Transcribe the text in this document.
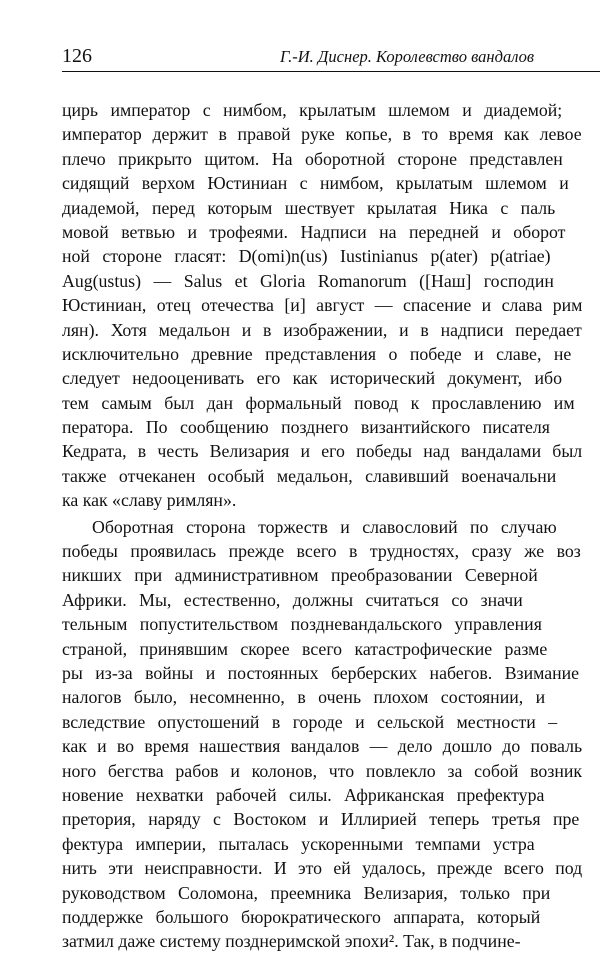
126	Г.-И. Диснер. Королевство вандалов
цирь император с нимбом, крылатым шлемом и диадемой;
император держит в правой руке копье, в то время как левое
плечо прикрыто щитом. На оборотной стороне представлен
сидящий верхом Юстиниан с нимбом, крылатым шлемом и
диадемой, перед которым шествует крылатая Ника с паль
мовой ветвью и трофеями. Надписи на передней и оборот
ной стороне гласят: D(omi)n(us) Iustinianus p(ater) p(atriae)
Aug(ustus) — Salus et Gloria Romanorum ([Наш] господин
Юстиниан, отец отечества [и] август — спасение и слава рим
лян). Хотя медальон и в изображении, и в надписи передает
исключительно древние представления о победе и славе, не
следует недооценивать его как исторический документ, ибо
тем самым был дан формальный повод к прославлению им
ператора. По сообщению позднего византийского писателя
Кедрата, в честь Велизария и его победы над вандалами был
также отчеканен особый медальон, славивший военачальни
ка как «славу римлян».
Оборотная сторона торжеств и славословий по случаю
победы проявилась прежде всего в трудностях, сразу же воз
никших при административном преобразовании Северной
Африки. Мы, естественно, должны считаться со значи
тельным попустительством поздневандальского управления
страной, принявшим скорее всего катастрофические разме
ры из-за войны и постоянных берберских набегов. Взимание
налогов было, несомненно, в очень плохом состоянии, и
вследствие опустошений в городе и сельской местности –
как и во время нашествия вандалов — дело дошло до поваль
ного бегства рабов и колонов, что повлекло за собой возник
новение нехватки рабочей силы. Африканская префектура
претория, наряду с Востоком и Иллирией теперь третья пре
фектура империи, пыталась ускоренными темпами устра
нить эти неисправности. И это ей удалось, прежде всего под
руководством Соломона, преемника Велизария, только при
поддержке большого бюрократического аппарата, который
затмил даже систему позднеримской эпохи². Так, в подчине-
